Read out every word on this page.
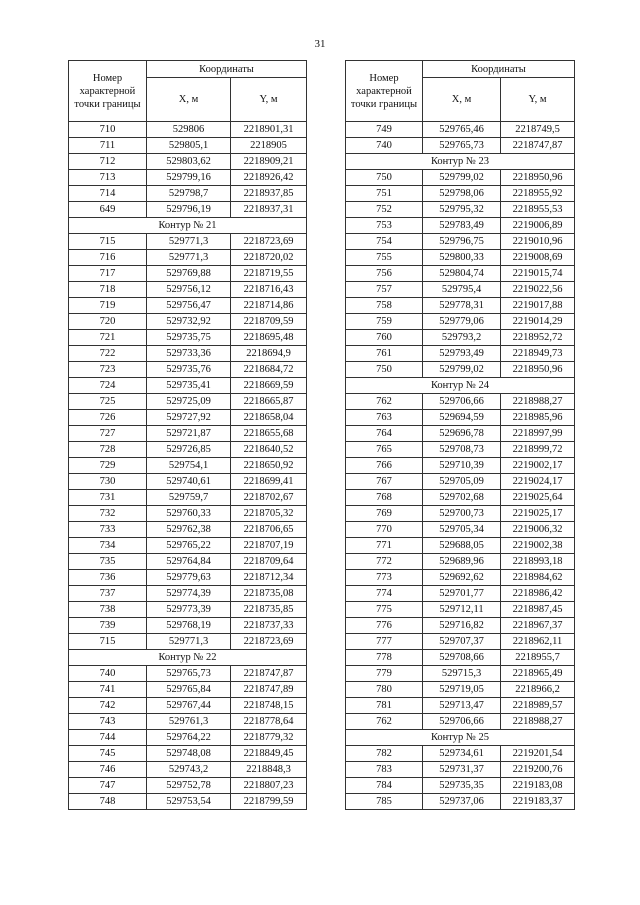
31
Номер характерной точки границы	Координаты	
	X, м	Y, м
710	529806	2218901,31
711	529805,1	2218905
712	529803,62	2218909,21
713	529799,16	2218926,42
714	529798,7	2218937,85
649	529796,19	2218937,31
Контур № 21		
715	529771,3	2218723,69
716	529771,3	2218720,02
717	529769,88	2218719,55
718	529756,12	2218716,43
719	529756,47	2218714,86
720	529732,92	2218709,59
721	529735,75	2218695,48
722	529733,36	2218694,9
723	529735,76	2218684,72
724	529735,41	2218669,59
725	529725,09	2218665,87
726	529727,92	2218658,04
727	529721,87	2218655,68
728	529726,85	2218640,52
729	529754,1	2218650,92
730	529740,61	2218699,41
731	529759,7	2218702,67
732	529760,33	2218705,32
733	529762,38	2218706,65
734	529765,22	2218707,19
735	529764,84	2218709,64
736	529779,63	2218712,34
737	529774,39	2218735,08
738	529773,39	2218735,85
739	529768,19	2218737,33
715	529771,3	2218723,69
Контур № 22		
740	529765,73	2218747,87
741	529765,84	2218747,89
742	529767,44	2218748,15
743	529761,3	2218778,64
744	529764,22	2218779,32
745	529748,08	2218849,45
746	529743,2	2218848,3
747	529752,78	2218807,23
748	529753,54	2218799,59
Номер характерной точки границы	Координаты	
	X, м	Y, м
749	529765,46	2218749,5
740	529765,73	2218747,87
Контур № 23		
750	529799,02	2218950,96
751	529798,06	2218955,92
752	529795,32	2218955,53
753	529783,49	2219006,89
754	529796,75	2219010,96
755	529800,33	2219008,69
756	529804,74	2219015,74
757	529795,4	2219022,56
758	529778,31	2219017,88
759	529779,06	2219014,29
760	529793,2	2218952,72
761	529793,49	2218949,73
750	529799,02	2218950,96
Контур № 24		
762	529706,66	2218988,27
763	529694,59	2218985,96
764	529696,78	2218997,99
765	529708,73	2218999,72
766	529710,39	2219002,17
767	529705,09	2219024,17
768	529702,68	2219025,64
769	529700,73	2219025,17
770	529705,34	2219006,32
771	529688,05	2219002,38
772	529689,96	2218993,18
773	529692,62	2218984,62
774	529701,77	2218986,42
775	529712,11	2218987,45
776	529716,82	2218967,37
777	529707,37	2218962,11
778	529708,66	2218955,7
779	529715,3	2218965,49
780	529719,05	2218966,2
781	529713,47	2218989,57
762	529706,66	2218988,27
Контур № 25		
782	529734,61	2219201,54
783	529731,37	2219200,76
784	529735,35	2219183,08
785	529737,06	2219183,37
